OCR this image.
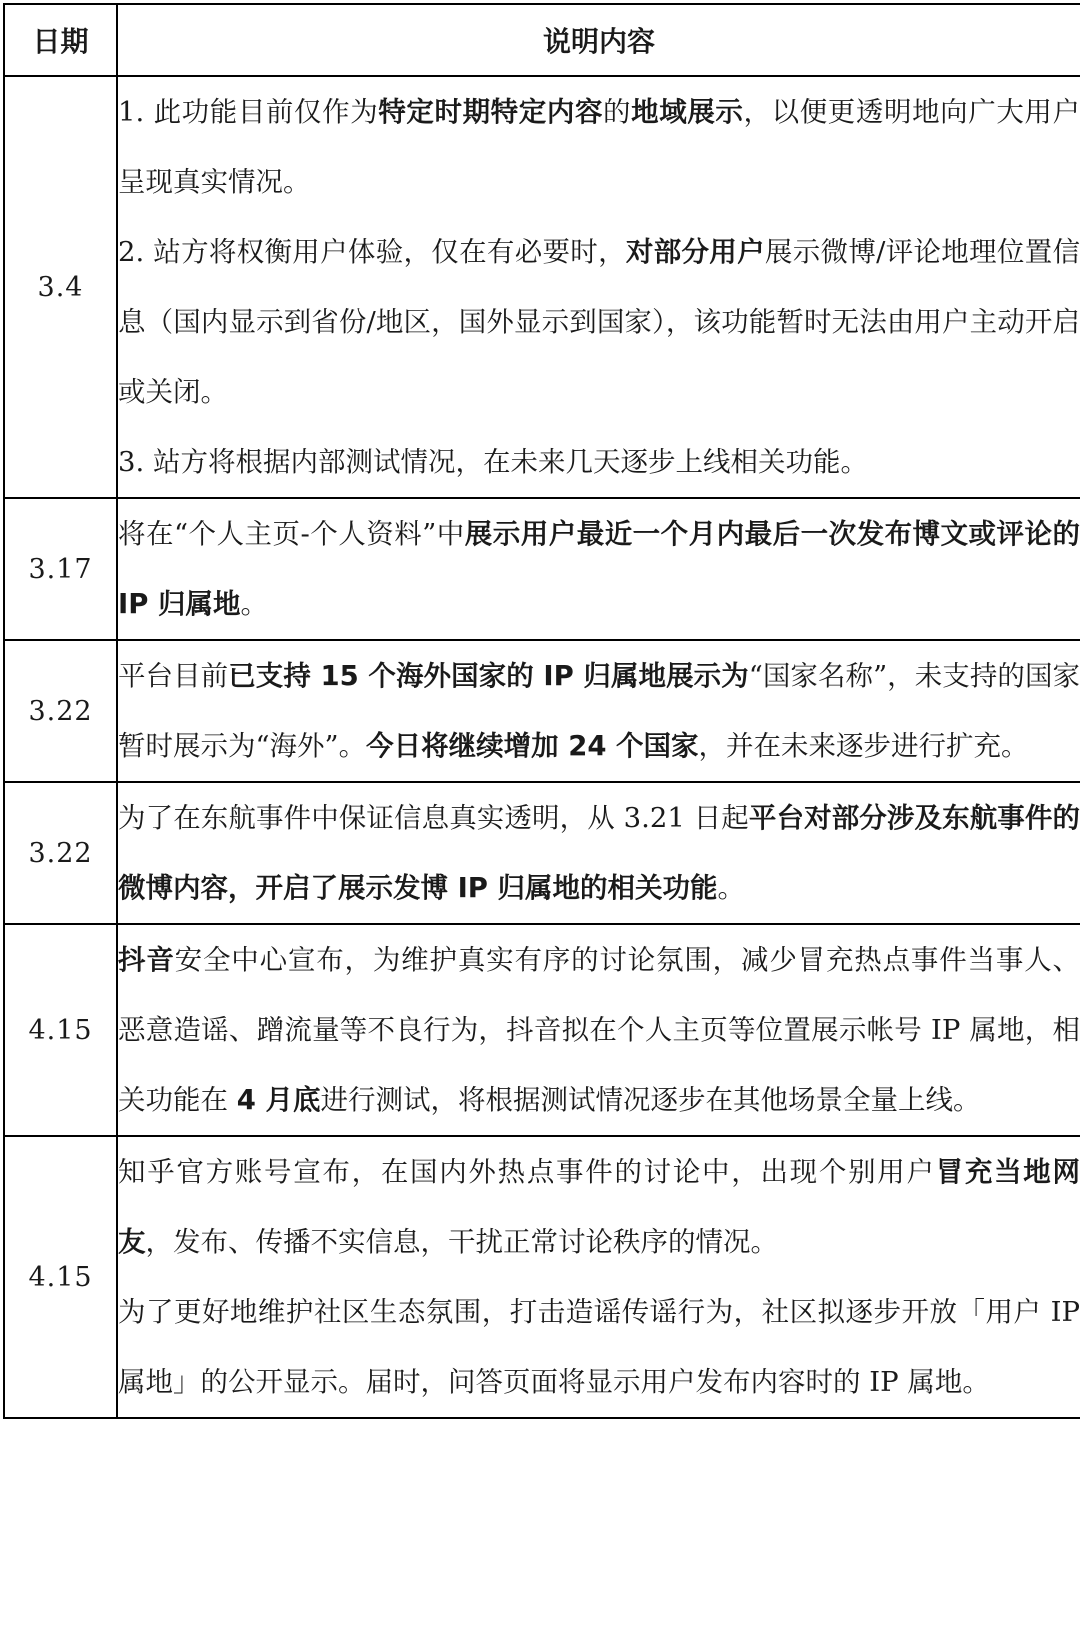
日期	说明内容
3.4	1. 此功能目前仅作为特定时期特定内容的地域展示，以便更透明地向广大用户呈现真实情况。

2. 站方将权衡用户体验，仅在有必要时，对部分用户展示微博/评论地理位置信息（国内显示到省份/地区，国外显示到国家），该功能暂时无法由用户主动开启或关闭。

3. 站方将根据内部测试情况，在未来几天逐步上线相关功能。

3.17	将在“个人主页-个人资料”中展示用户最近一个月内最后一次发布博文或评论的 IP 归属地。

3.22	平台目前已支持 15 个海外国家的 IP 归属地展示为“国家名称”，未支持的国家暂时展示为“海外”。今日将继续增加 24 个国家，并在未来逐步进行扩充。

3.22	为了在东航事件中保证信息真实透明，从 3.21 日起平台对部分涉及东航事件的微博内容，开启了展示发博 IP 归属地的相关功能。

4.15	抖音安全中心宣布，为维护真实有序的讨论氛围，减少冒充热点事件当事人、恶意造谣、蹭流量等不良行为，抖音拟在个人主页等位置展示帐号 IP 属地，相关功能在 4 月底进行测试，将根据测试情况逐步在其他场景全量上线。

4.15	知乎官方账号宣布，在国内外热点事件的讨论中，出现个别用户冒充当地网友，发布、传播不实信息，干扰正常讨论秩序的情况。

为了更好地维护社区生态氛围，打击造谣传谣行为，社区拟逐步开放「用户 IP 属地」的公开显示。届时，问答页面将显示用户发布内容时的 IP 属地。
